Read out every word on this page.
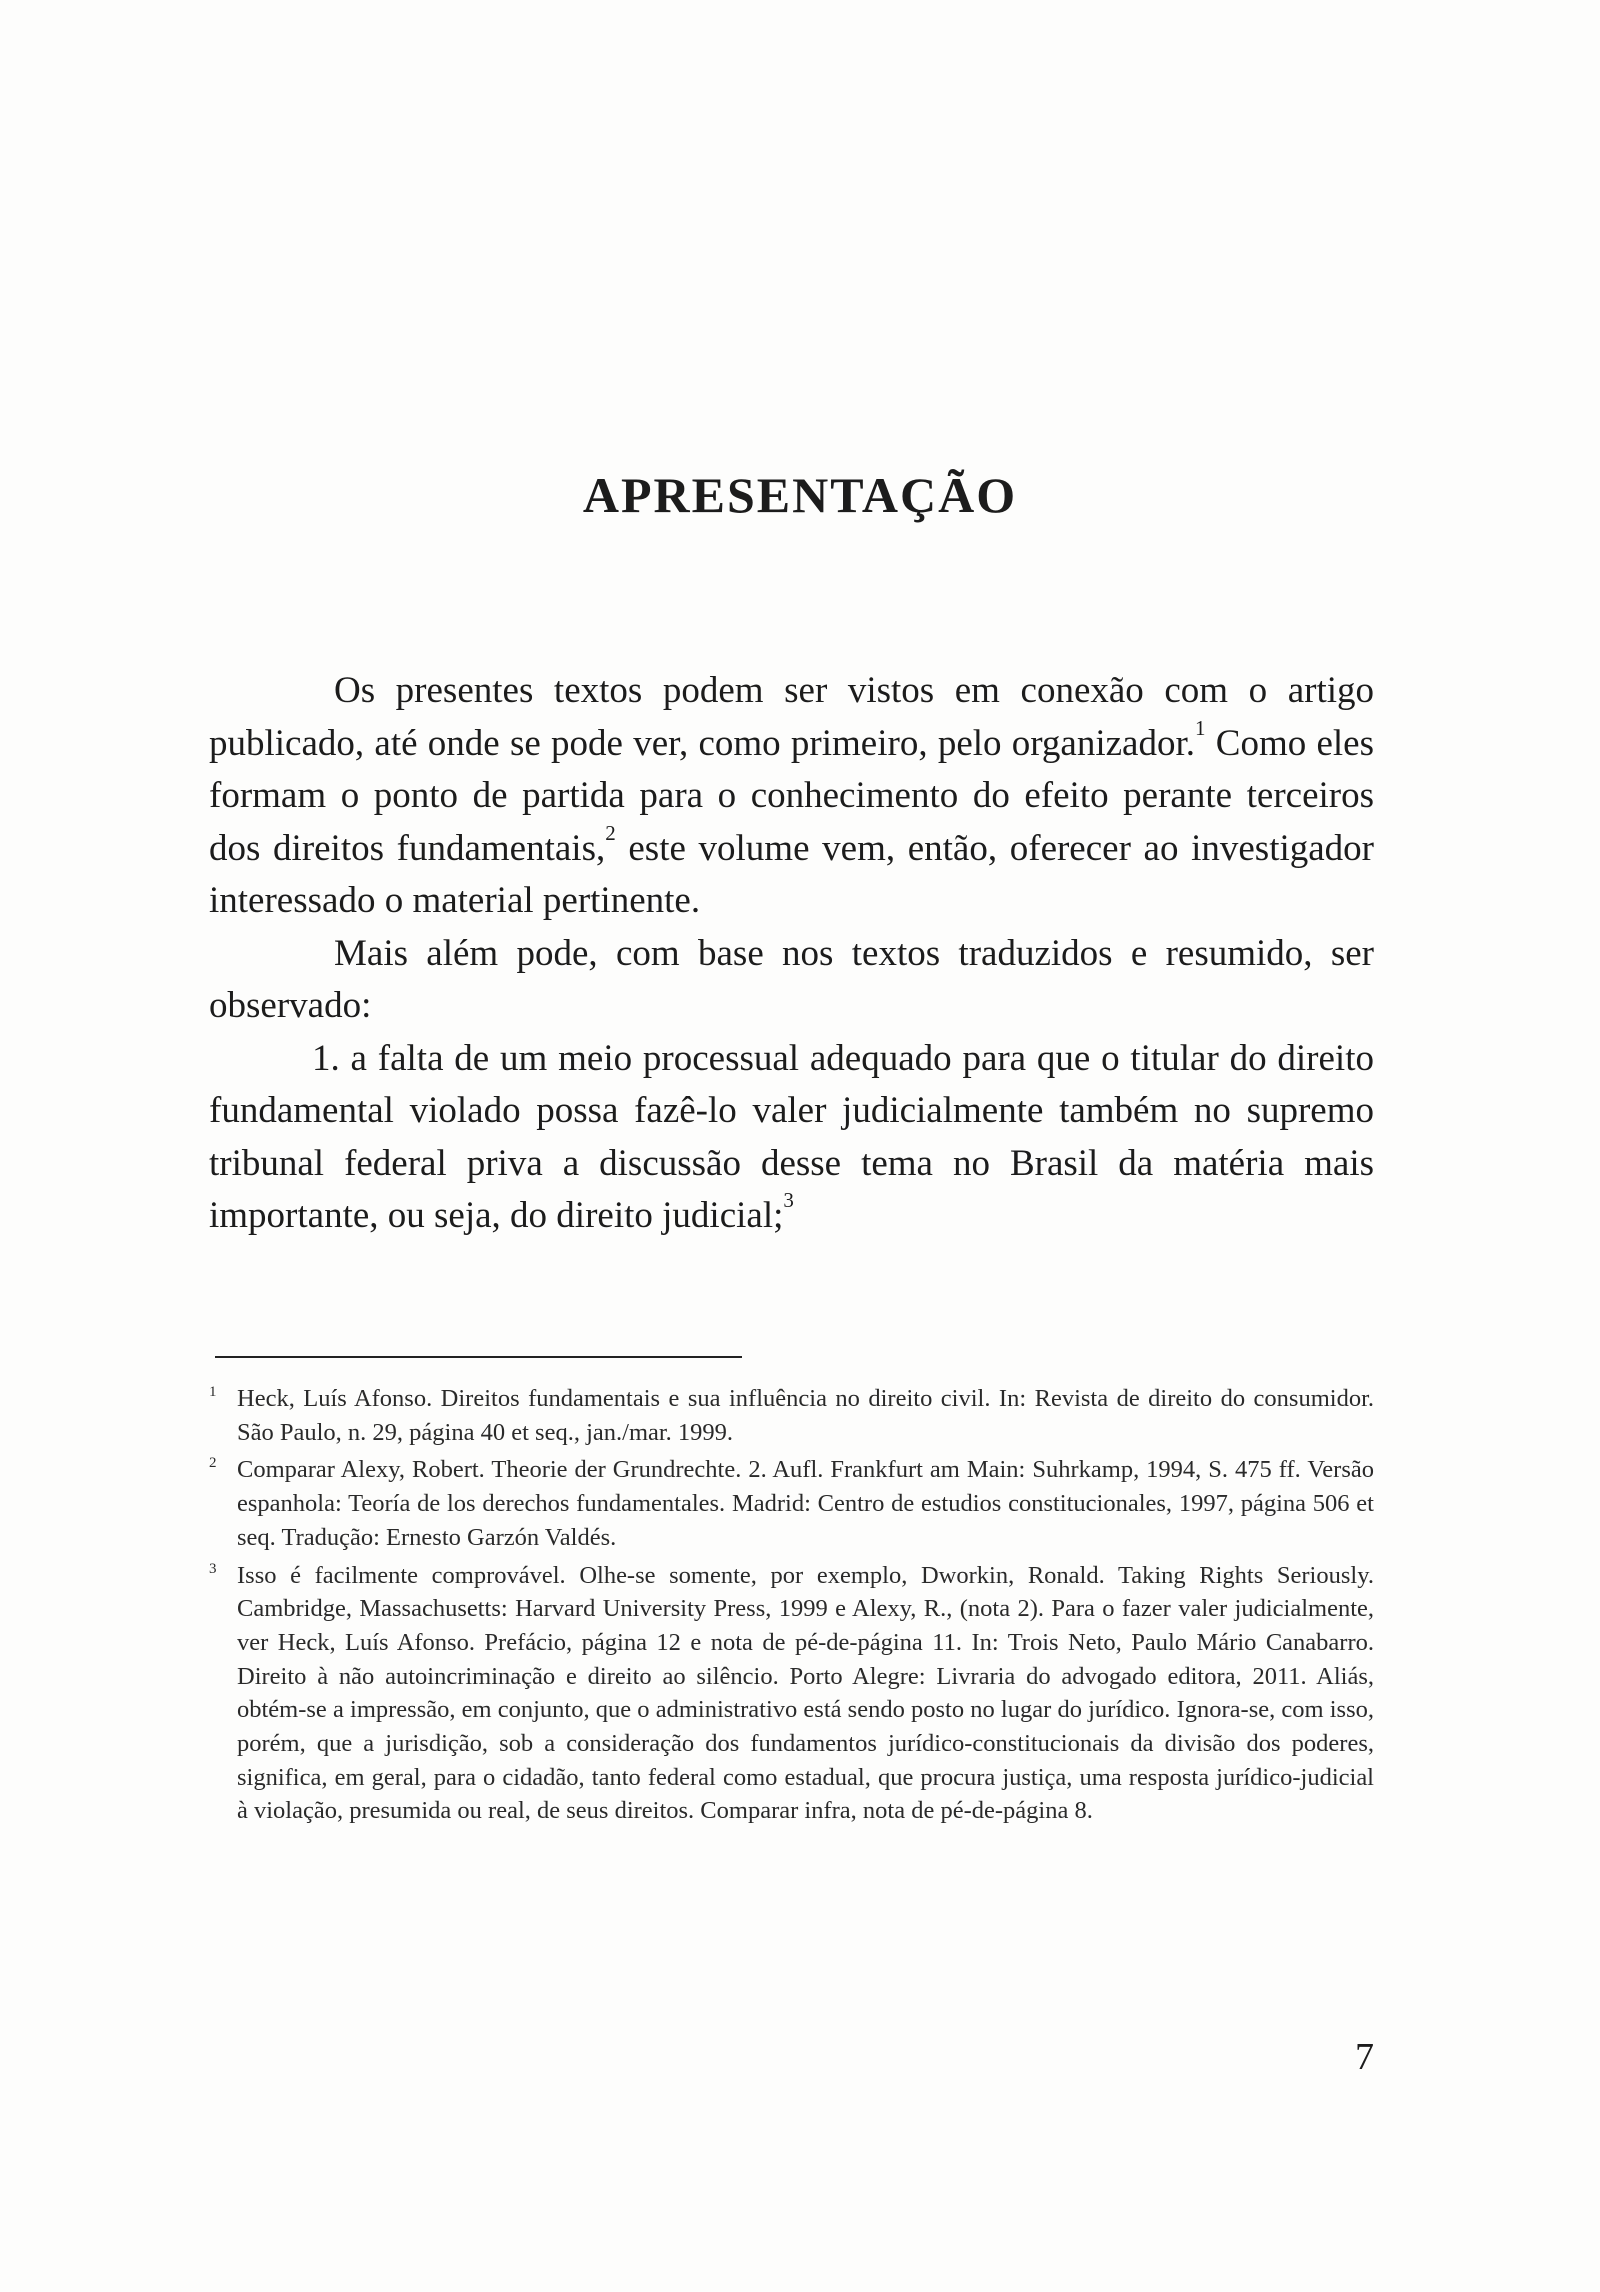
APRESENTAÇÃO

Os presentes textos podem ser vistos em conexão com o artigo publicado, até onde se pode ver, como primeiro, pelo organizador.$^1$ Como eles formam o ponto de partida para o conhecimento do efeito perante terceiros dos direitos fundamentais,$^2$ este volume vem, então, oferecer ao investigador interessado o material pertinente.

Mais além pode, com base nos textos traduzidos e resumido, ser observado:

1. a falta de um meio processual adequado para que o titular do direito fundamental violado possa fazê-lo valer judicialmente também no supremo tribunal federal priva a discussão desse tema no Brasil da matéria mais importante, ou seja, do direito judicial;$^3$

1 Heck, Luís Afonso. Direitos fundamentais e sua influência no direito civil. In: Revista de direito do consumidor. São Paulo, n. 29, página 40 et seq., jan./mar. 1999.

2 Comparar Alexy, Robert. Theorie der Grundrechte. 2. Aufl. Frankfurt am Main: Suhrkamp, 1994, S. 475 ff. Versão espanhola: Teoría de los derechos fundamentales. Madrid: Centro de estudios constitucionales, 1997, página 506 et seq. Tradução: Ernesto Garzón Valdés.

3 Isso é facilmente comprovável. Olhe-se somente, por exemplo, Dworkin, Ronald. Taking Rights Seriously. Cambridge, Massachusetts: Harvard University Press, 1999 e Alexy, R., (nota 2). Para o fazer valer judicialmente, ver Heck, Luís Afonso. Prefácio, página 12 e nota de pé-de-página 11. In: Trois Neto, Paulo Mário Canabarro. Direito à não autoincriminação e direito ao silêncio. Porto Alegre: Livraria do advogado editora, 2011. Aliás, obtém-se a impressão, em conjunto, que o administrativo está sendo posto no lugar do jurídico. Ignora-se, com isso, porém, que a jurisdição, sob a consideração dos fundamentos jurídico-constitucionais da divisão dos poderes, significa, em geral, para o cidadão, tanto federal como estadual, que procura justiça, uma resposta jurídico-judicial à violação, presumida ou real, de seus direitos. Comparar infra, nota de pé-de-página 8.

7
